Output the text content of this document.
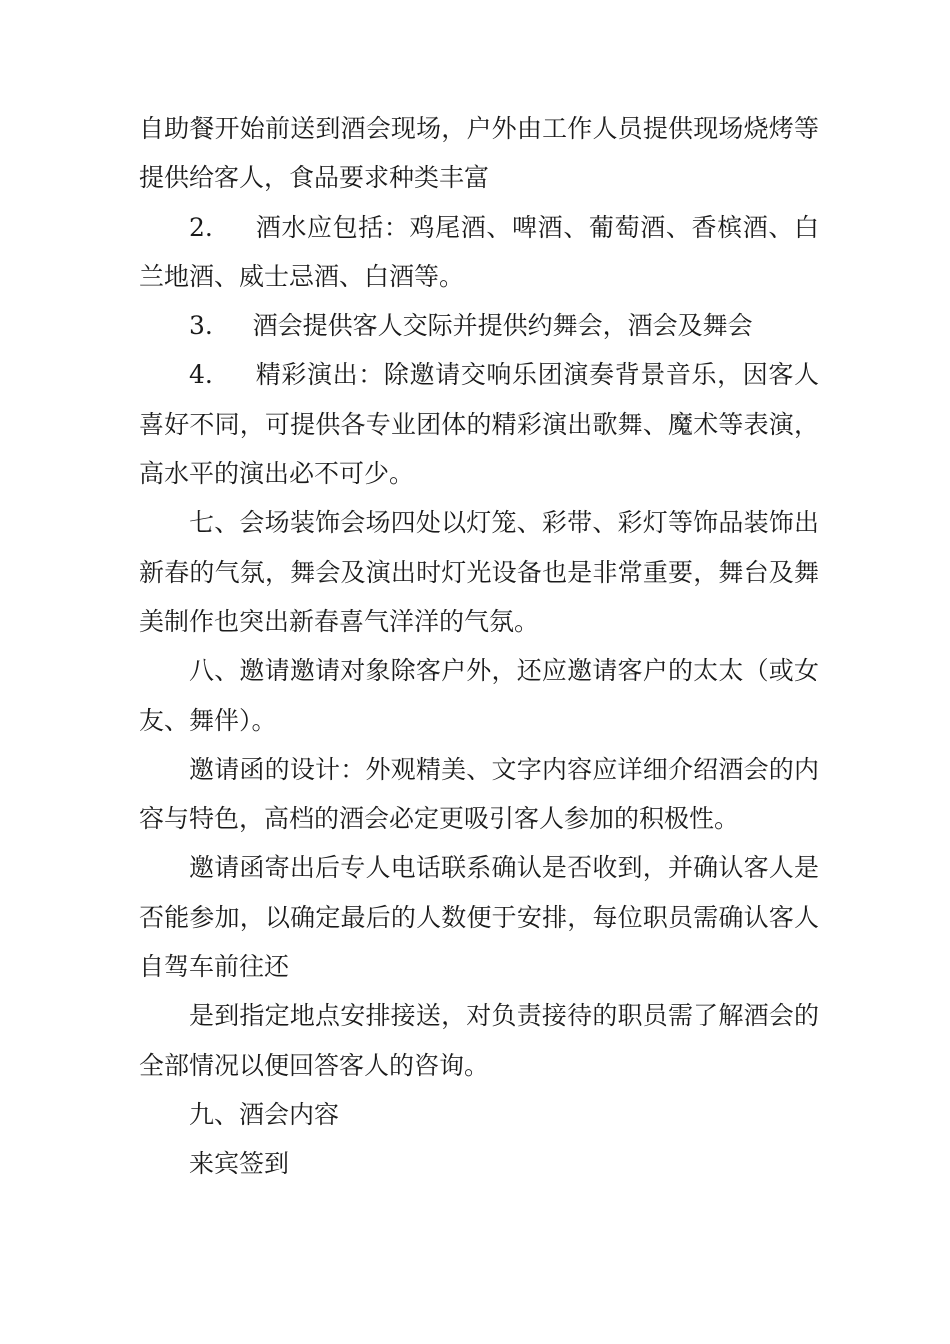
自助餐开始前送到酒会现场，户外由工作人员提供现场烧烤等提供给客人，食品要求种类丰富

2.     酒水应包括：鸡尾酒、啤酒、葡萄酒、香槟酒、白兰地酒、威士忌酒、白酒等。

3.     酒会提供客人交际并提供约舞会，酒会及舞会

4.     精彩演出：除邀请交响乐团演奏背景音乐，因客人喜好不同，可提供各专业团体的精彩演出歌舞、魔术等表演，高水平的演出必不可少。

七、会场装饰会场四处以灯笼、彩带、彩灯等饰品装饰出新春的气氛，舞会及演出时灯光设备也是非常重要，舞台及舞美制作也突出新春喜气洋洋的气氛。

八、邀请邀请对象除客户外，还应邀请客户的太太（或女友、舞伴）。

邀请函的设计：外观精美、文字内容应详细介绍酒会的内容与特色，高档的酒会必定更吸引客人参加的积极性。

邀请函寄出后专人电话联系确认是否收到，并确认客人是否能参加，以确定最后的人数便于安排，每位职员需确认客人自驾车前往还

是到指定地点安排接送，对负责接待的职员需了解酒会的全部情况以便回答客人的咨询。

九、酒会内容

来宾签到
